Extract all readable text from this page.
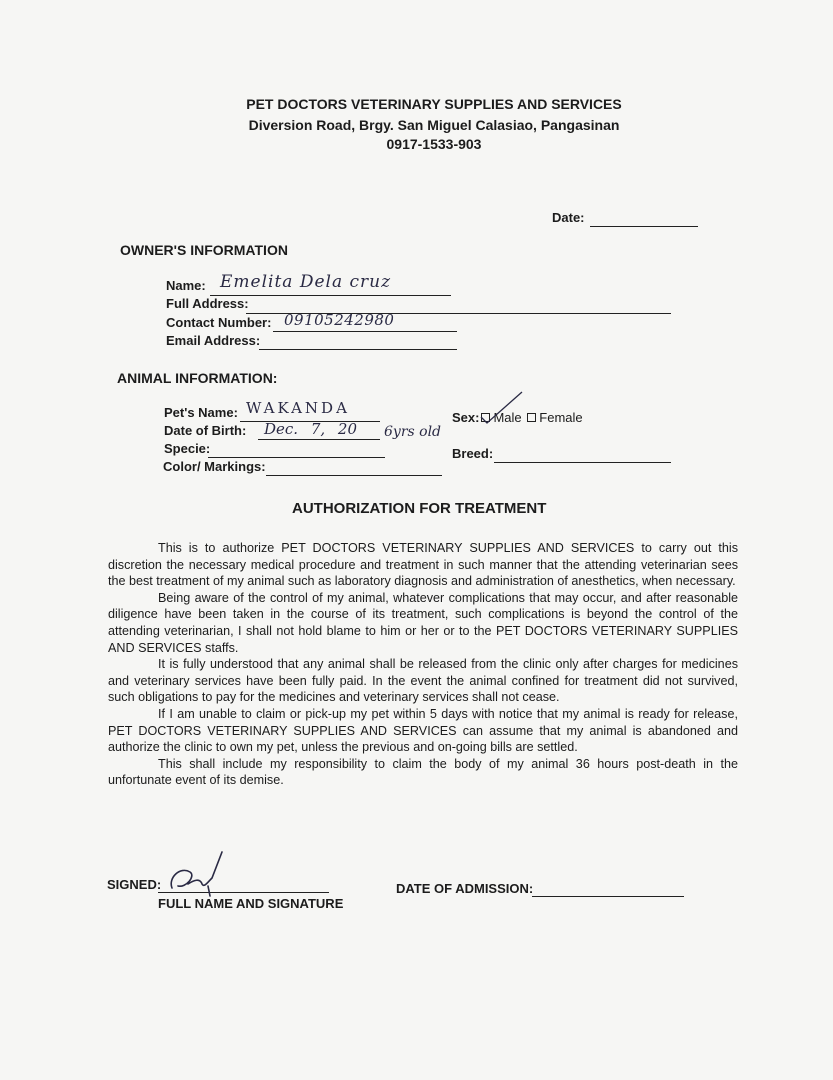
PET DOCTORS VETERINARY SUPPLIES AND SERVICES
Diversion Road, Brgy. San Miguel Calasiao, Pangasinan
0917-1533-903
Date:
OWNER'S INFORMATION
Name: Emelita Dela cruz
Full Address:
Contact Number: 09105242980
Email Address:
ANIMAL INFORMATION:
Pet's Name: WAKANDA
Date of Birth: Dec. 7, 20 6yrs old
Specie:
Color/ Markings:
Sex: Male Female
Breed:
AUTHORIZATION FOR TREATMENT

This is to authorize PET DOCTORS VETERINARY SUPPLIES AND SERVICES to carry out this discretion the necessary medical procedure and treatment in such manner that the attending veterinarian sees the best treatment of my animal such as laboratory diagnosis and administration of anesthetics, when necessary.

Being aware of the control of my animal, whatever complications that may occur, and after reasonable diligence have been taken in the course of its treatment, such complications is beyond the control of the attending veterinarian, I shall not hold blame to him or her or to the PET DOCTORS VETERINARY SUPPLIES AND SERVICES staffs.

It is fully understood that any animal shall be released from the clinic only after charges for medicines and veterinary services have been fully paid. In the event the animal confined for treatment did not survived, such obligations to pay for the medicines and veterinary services shall not cease.

If I am unable to claim or pick-up my pet within 5 days with notice that my animal is ready for release, PET DOCTORS VETERINARY SUPPLIES AND SERVICES can assume that my animal is abandoned and authorize the clinic to own my pet, unless the previous and on-going bills are settled.

This shall include my responsibility to claim the body of my animal 36 hours post-death in the unfortunate event of its demise.

SIGNED:
FULL NAME AND SIGNATURE
DATE OF ADMISSION:
